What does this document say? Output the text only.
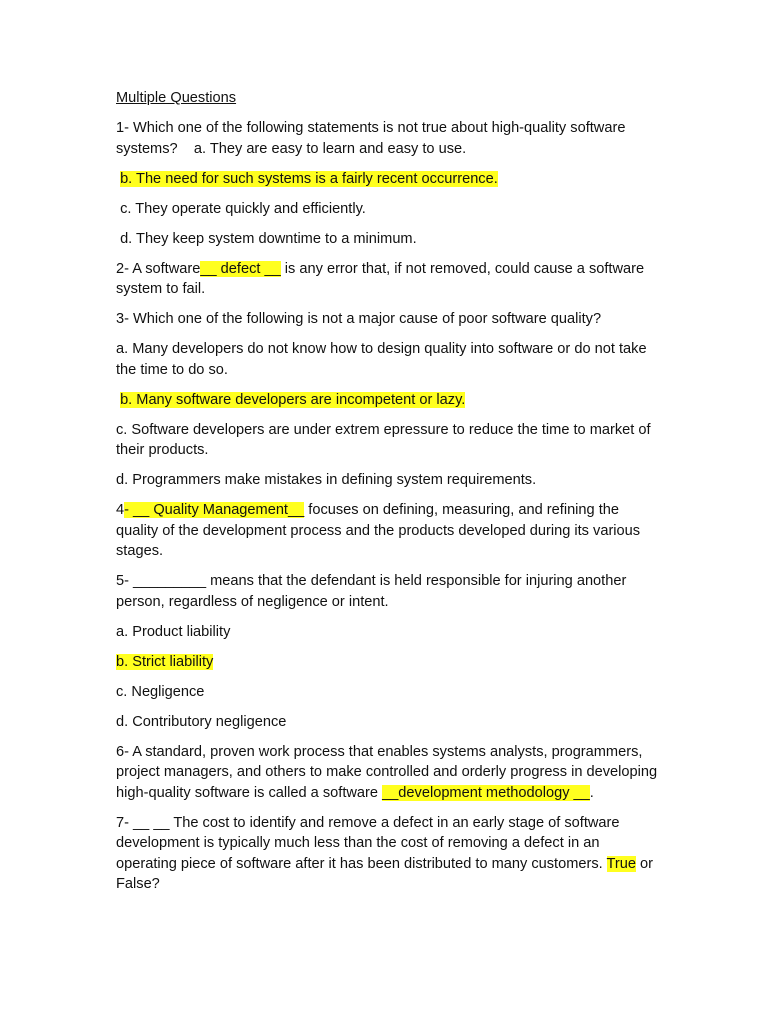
Multiple Questions
1- Which one of the following statements is not true about high-quality software systems? a. They are easy to learn and easy to use.
b. The need for such systems is a fairly recent occurrence.
c. They operate quickly and efficiently.
d. They keep system downtime to a minimum.
2- A software__ defect __ is any error that, if not removed, could cause a software system to fail.
3- Which one of the following is not a major cause of poor software quality?
a. Many developers do not know how to design quality into software or do not take the time to do so.
b. Many software developers are incompetent or lazy.
c. Software developers are under extrem epressure to reduce the time to market of their products.
d. Programmers make mistakes in defining system requirements.
4- __ Quality Management__ focuses on defining, measuring, and refining the quality of the development process and the products developed during its various stages.
5- _________ means that the defendant is held responsible for injuring another person, regardless of negligence or intent.
a. Product liability
b. Strict liability
c. Negligence
d. Contributory negligence
6- A standard, proven work process that enables systems analysts, programmers, project managers, and others to make controlled and orderly progress in developing high-quality software is called a software __development methodology __.
7- __ __ The cost to identify and remove a defect in an early stage of software development is typically much less than the cost of removing a defect in an operating piece of software after it has been distributed to many customers. True or False?
